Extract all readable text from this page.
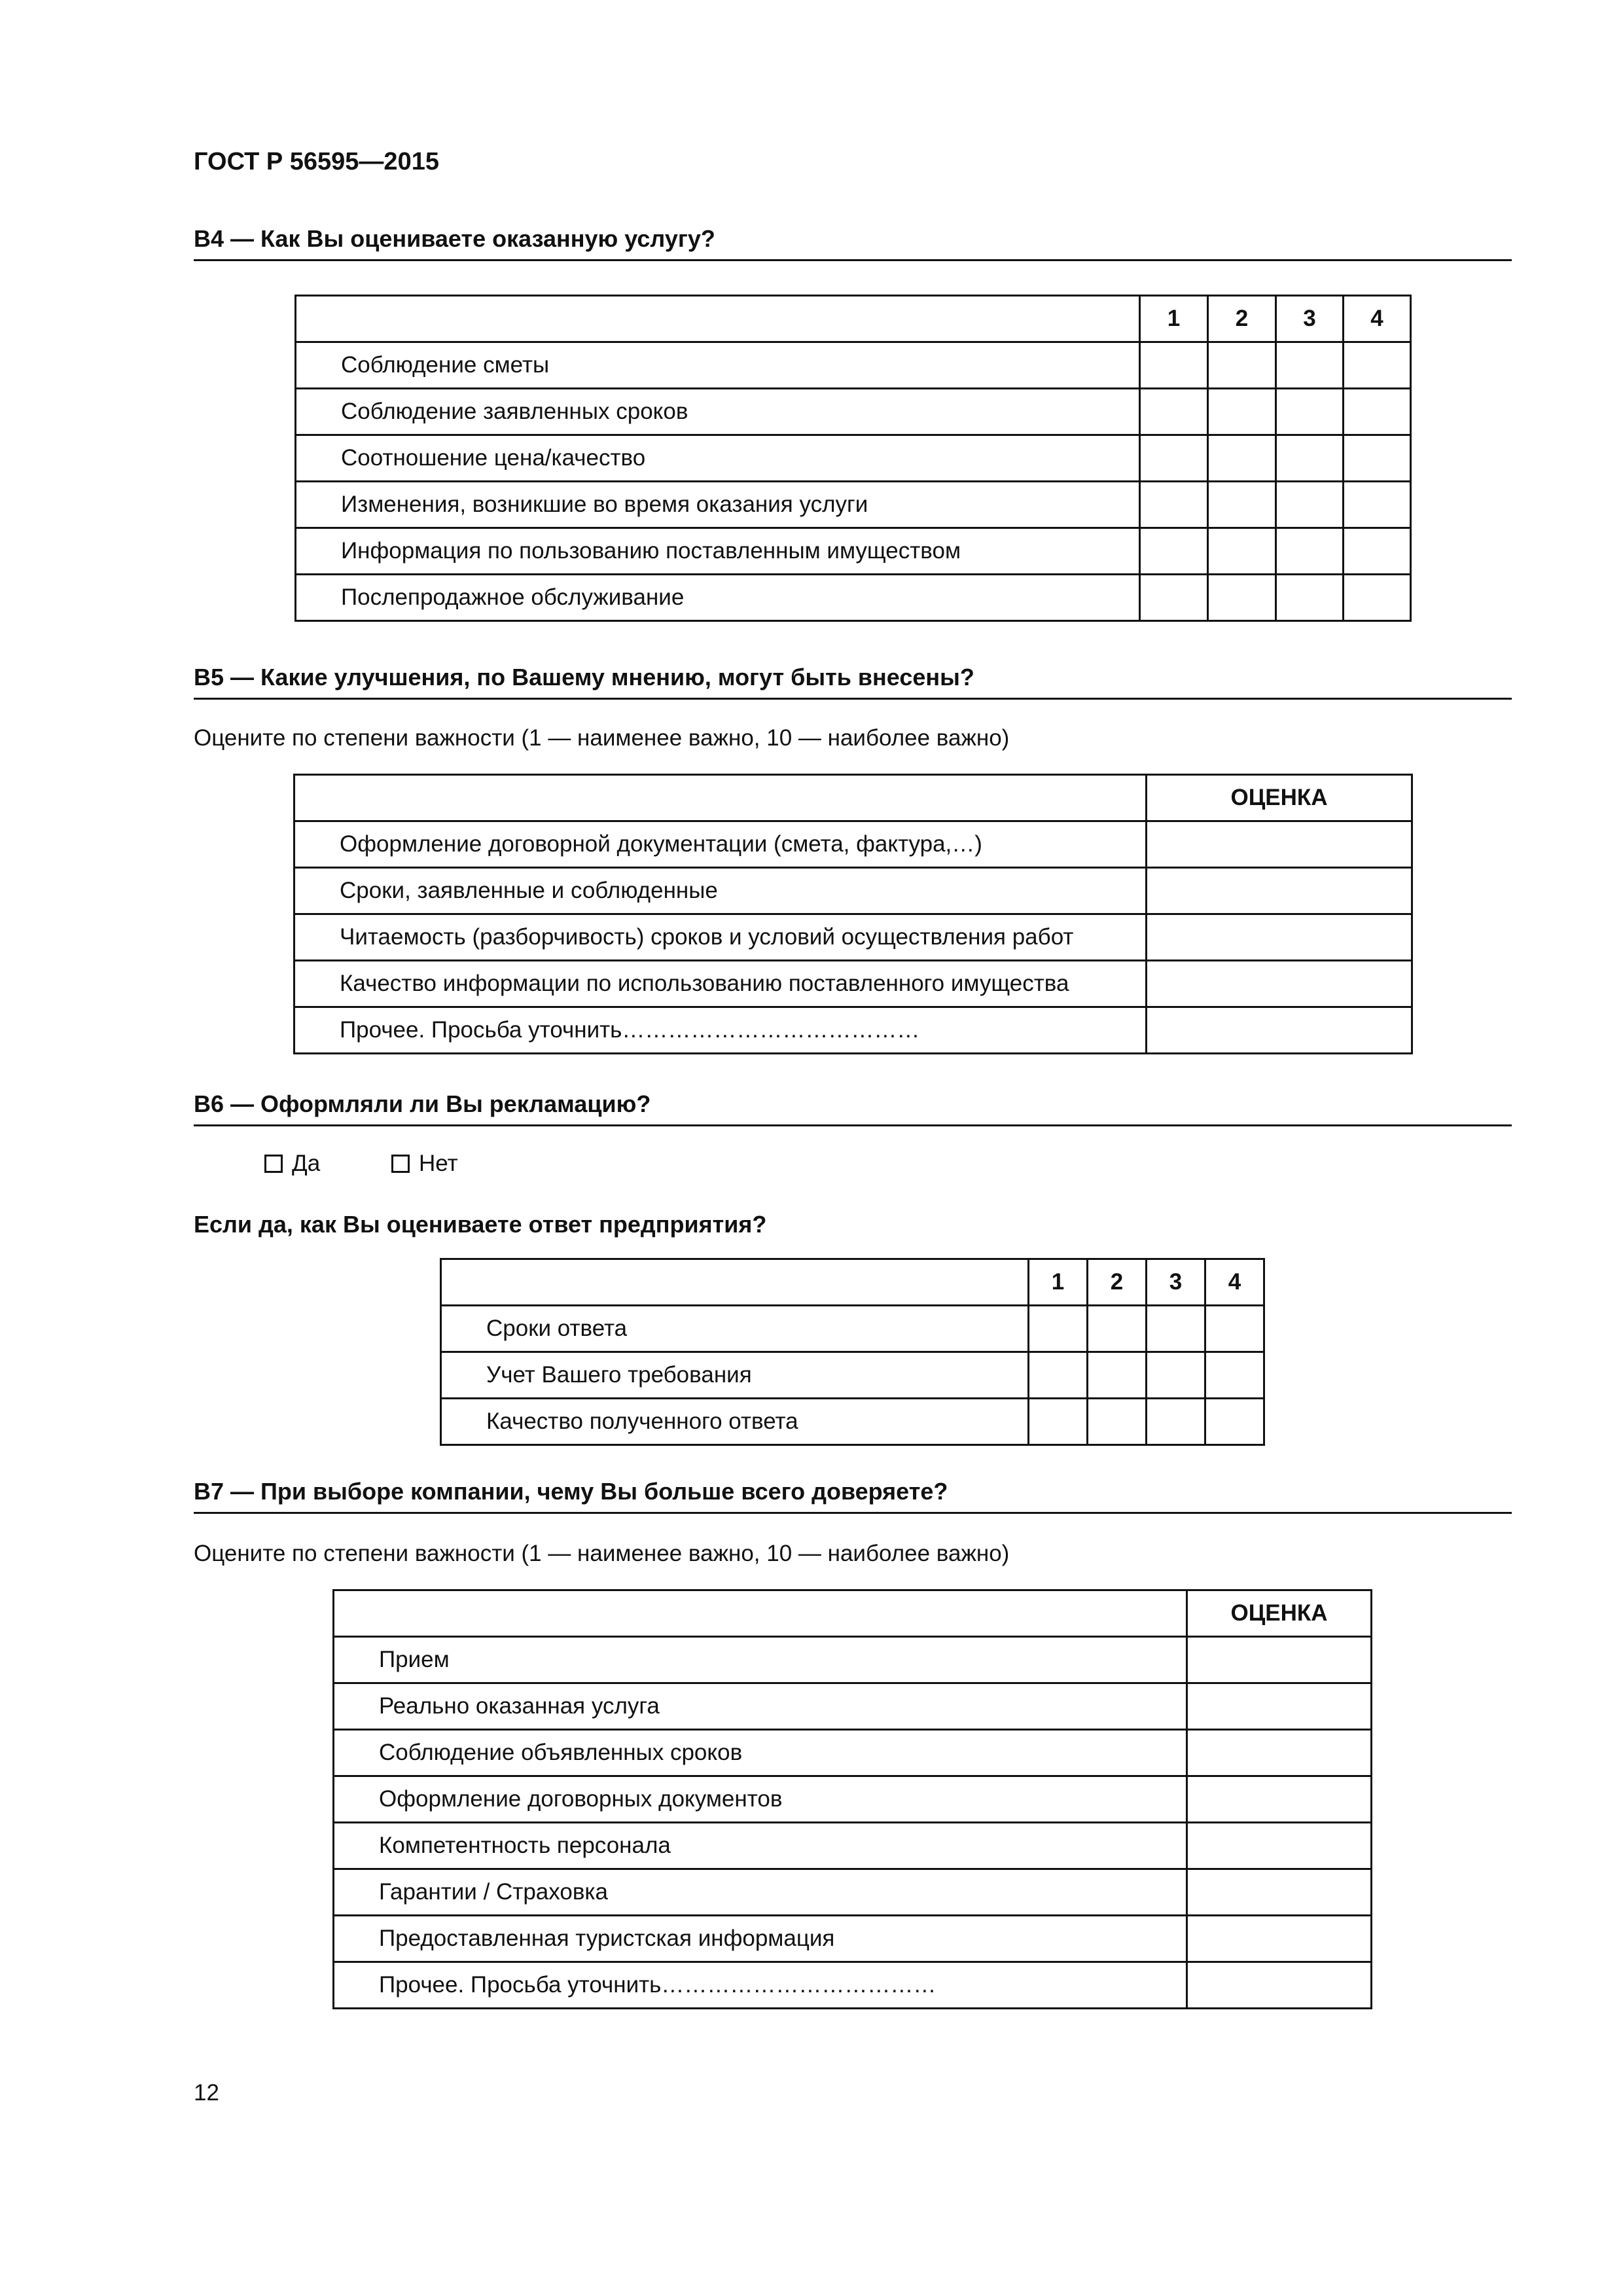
ГОСТ Р 56595—2015
В4 — Как Вы оцениваете оказанную услугу?
	1	2	3	4
Соблюдение сметы				
Соблюдение заявленных сроков				
Соотношение цена/качество				
Изменения, возникшие во время оказания услуги				
Информация по пользованию поставленным имуществом				
Послепродажное обслуживание				
В5 — Какие улучшения, по Вашему мнению, могут быть внесены?
Оцените по степени важности (1 — наименее важно, 10 — наиболее важно)
	ОЦЕНКА
Оформление договорной документации (смета, фактура,…)	
Сроки, заявленные и соблюденные	
Читаемость (разборчивость) сроков и условий осуществления работ	
Качество информации по использованию поставленного имущества	
Прочее. Просьба уточнить…………………………………	
В6 — Оформляли ли Вы рекламацию?
Да	Нет
Если да, как Вы оцениваете ответ предприятия?
	1	2	3	4
Сроки ответа				
Учет Вашего требования				
Качество полученного ответа				
В7 — При выборе компании, чему Вы больше всего доверяете?
Оцените по степени важности (1 — наименее важно, 10 — наиболее важно)
	ОЦЕНКА
Прием	
Реально оказанная услуга	
Соблюдение объявленных сроков	
Оформление договорных документов	
Компетентность персонала	
Гарантии / Страховка	
Предоставленная туристская информация	
Прочее. Просьба уточнить………………………………	
12
